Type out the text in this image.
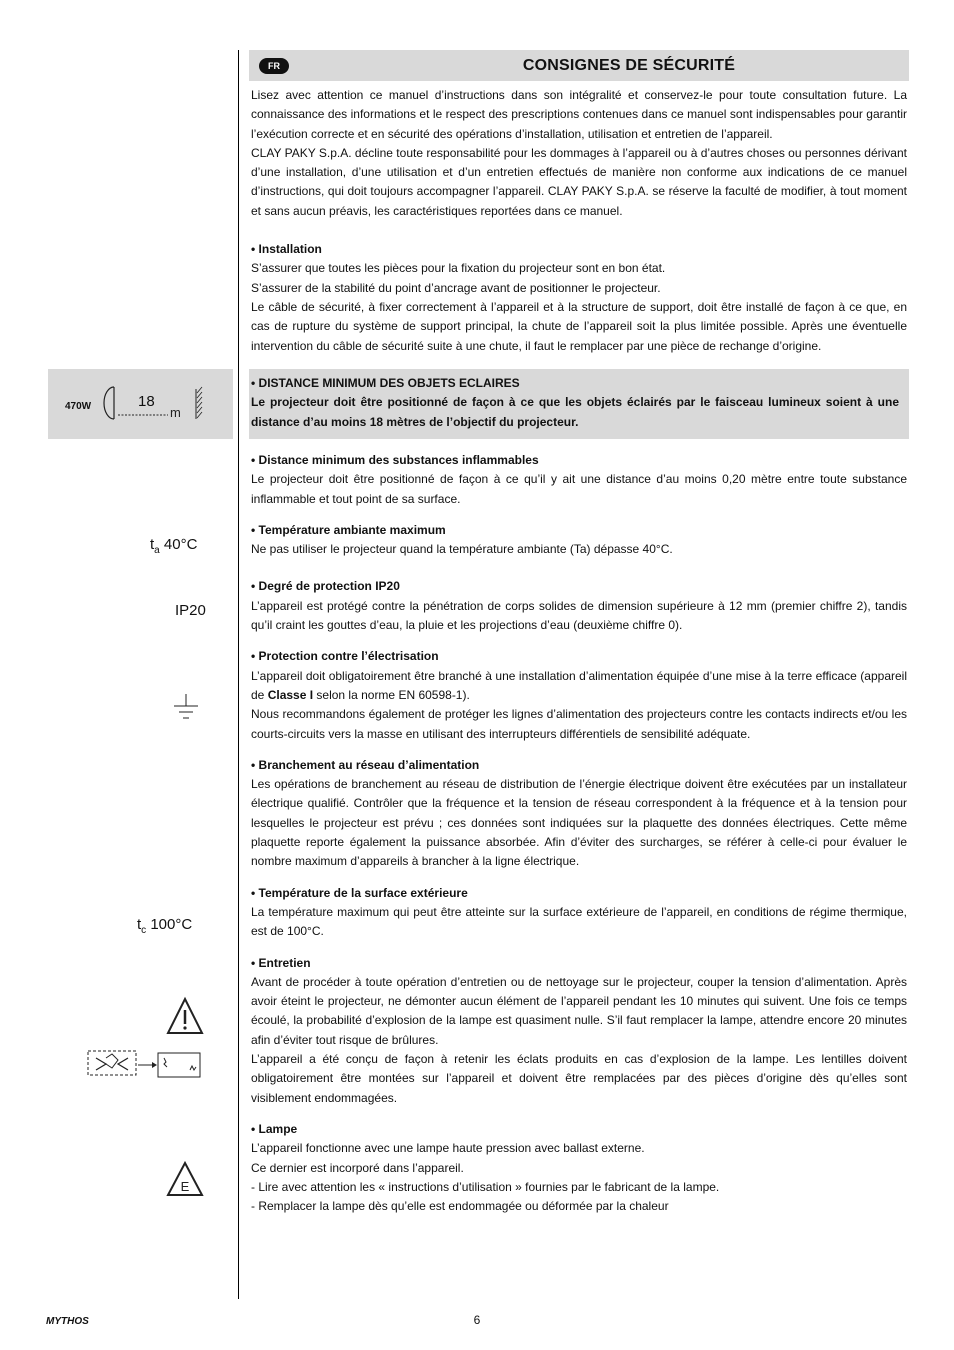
FR	CONSIGNES DE SÉCURITÉ
470W	m
18
• DISTANCE MINIMUM DES OBJETS ECLAIRES
Le projecteur doit être positionné de façon à ce que les objets éclairés par le faisceau lumineux soient à une distance d’au moins 18 mètres de l’objectif du projecteur.

Lisez avec attention ce manuel d’instructions dans son intégralité et conservez-le pour toute consultation future. La connaissance des informations et le respect des prescriptions contenues dans ce manuel sont indispensables pour garantir l’exécution correcte et en sécurité des opérations d’installation, utilisation et entretien de l’appareil.

CLAY PAKY S.p.A. décline toute responsabilité pour les dommages à l’appareil ou à d’autres choses ou personnes dérivant d’une installation, d’une utilisation et d’un entretien effectués de manière non conforme aux indications de ce manuel d’instructions, qui doit toujours accompagner l’appareil. CLAY PAKY S.p.A. se réserve la faculté de modifier, à tout moment et sans aucun préavis, les caractéristiques reportées dans ce manuel.

• Installation

S’assurer que toutes les pièces pour la fixation du projecteur sont en bon état.

S’assurer de la stabilité du point d’ancrage avant de positionner le projecteur.

Le câble de sécurité, à fixer correctement à l’appareil et à la structure de support, doit être installé de façon à ce que, en cas de rupture du système de support principal, la chute de l’appareil soit la plus limitée possible. Après une éventuelle intervention du câble de sécurité suite à une chute, il faut le remplacer par une pièce de rechange d’origine.

• Distance minimum des substances inflammables

Le projecteur doit être positionné de façon à ce qu’il y ait une distance d’au moins 0,20 mètre entre toute substance inflammable et tout point de sa surface.

• Température ambiante maximum

Ne pas utiliser le projecteur quand la température ambiante (Ta) dépasse 40°C.

• Degré de protection IP20

L’appareil est protégé contre la pénétration de corps solides de dimension supérieure à 12 mm (premier chiffre 2), tandis qu’il craint les gouttes d’eau, la pluie et les projections d’eau (deuxième chiffre 0).

• Protection contre l’électrisation

L’appareil doit obligatoirement être branché à une installation d’alimentation équipée d’une mise à la terre efficace (appareil de Classe I selon la norme EN 60598-1).

Nous recommandons également de protéger les lignes d’alimentation des projecteurs contre les contacts indirects et/ou les courts-circuits vers la masse en utilisant des interrupteurs différentiels de sensibilité adéquate.

• Branchement au réseau d’alimentation

Les opérations de branchement au réseau de distribution de l’énergie électrique doivent être exécutées par un installateur électrique qualifié. Contrôler que la fréquence et la tension de réseau correspondent à la fréquence et à la tension pour lesquelles le projecteur est prévu ; ces données sont indiquées sur la plaquette des données électriques. Cette même plaquette reporte également la puissance absorbée. Afin d’éviter des surcharges, se référer à celle-ci pour évaluer le nombre maximum d’appareils à brancher à la ligne électrique.

• Température de la surface extérieure

La température maximum qui peut être atteinte sur la surface extérieure de l’appareil, en conditions de régime thermique, est de 100°C.

• Entretien

Avant de procéder à toute opération d’entretien ou de nettoyage sur le projecteur, couper la tension d’alimentation. Après avoir éteint le projecteur, ne démonter aucun élément de l’appareil pendant les 10 minutes qui suivent. Une fois ce temps écoulé, la probabilité d’explosion de la lampe est quasiment nulle. S’il faut remplacer la lampe, attendre encore 20 minutes afin d’éviter tout risque de brûlures.

L’appareil a été conçu de façon à retenir les éclats produits en cas d’explosion de la lampe. Les lentilles doivent obligatoirement être montées sur l’appareil et doivent être remplacées par des pièces d’origine dès qu’elles sont visiblement endommagées.

• Lampe

L’appareil fonctionne avec une lampe haute pression avec ballast externe.

Ce dernier est incorporé dans l’appareil.

- Lire avec attention les « instructions d’utilisation » fournies par le fabricant de la lampe.

- Remplacer la lampe dès qu’elle est endommagée ou déformée par la chaleur

$t_a$ 40°C
IP20
$t_c$ 100°C
E
MYTHOS	6
